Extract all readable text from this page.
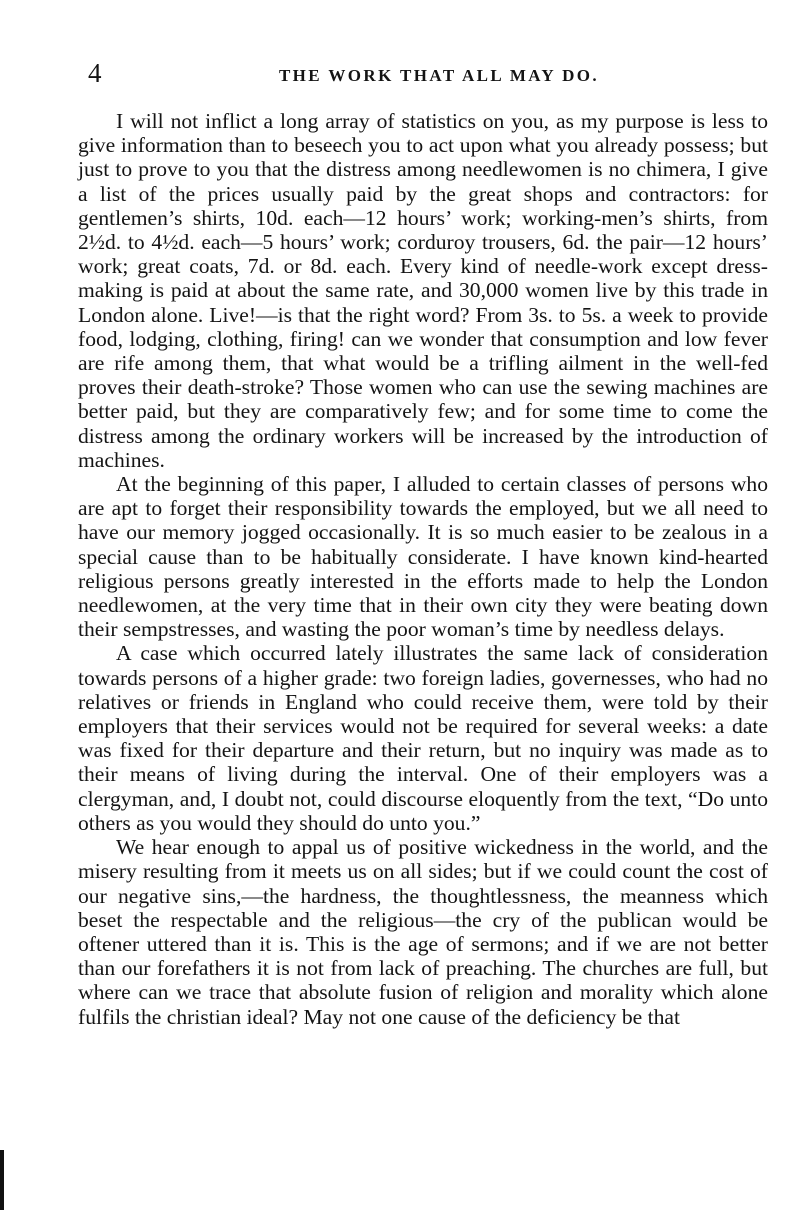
4	THE WORK THAT ALL MAY DO.

I will not inflict a long array of statistics on you, as my purpose is less to give information than to beseech you to act upon what you already possess; but just to prove to you that the distress among needlewomen is no chimera, I give a list of the prices usually paid by the great shops and contractors: for gentlemen’s shirts, 10d. each—12 hours’ work; working-men’s shirts, from 2½d. to 4½d. each—5 hours’ work; corduroy trousers, 6d. the pair—12 hours’ work; great coats, 7d. or 8d. each. Every kind of needle-work except dress-making is paid at about the same rate, and 30,000 women live by this trade in London alone. Live!—is that the right word? From 3s. to 5s. a week to provide food, lodging, clothing, firing! can we wonder that consumption and low fever are rife among them, that what would be a trifling ailment in the well-fed proves their death-stroke? Those women who can use the sewing machines are better paid, but they are comparatively few; and for some time to come the distress among the ordinary workers will be increased by the introduction of machines.

At the beginning of this paper, I alluded to certain classes of persons who are apt to forget their responsibility towards the employed, but we all need to have our memory jogged occasionally. It is so much easier to be zealous in a special cause than to be habitually considerate. I have known kind-hearted religious persons greatly interested in the efforts made to help the London needlewomen, at the very time that in their own city they were beating down their sempstresses, and wasting the poor woman’s time by needless delays.

A case which occurred lately illustrates the same lack of consideration towards persons of a higher grade: two foreign ladies, governesses, who had no relatives or friends in England who could receive them, were told by their employers that their services would not be required for several weeks: a date was fixed for their departure and their return, but no inquiry was made as to their means of living during the interval. One of their employers was a clergyman, and, I doubt not, could discourse eloquently from the text, “Do unto others as you would they should do unto you.”

We hear enough to appal us of positive wickedness in the world, and the misery resulting from it meets us on all sides; but if we could count the cost of our negative sins,—the hardness, the thoughtlessness, the meanness which beset the respectable and the religious—the cry of the publican would be oftener uttered than it is. This is the age of sermons; and if we are not better than our forefathers it is not from lack of preaching. The churches are full, but where can we trace that absolute fusion of religion and morality which alone fulfils the christian ideal? May not one cause of the deficiency be that
